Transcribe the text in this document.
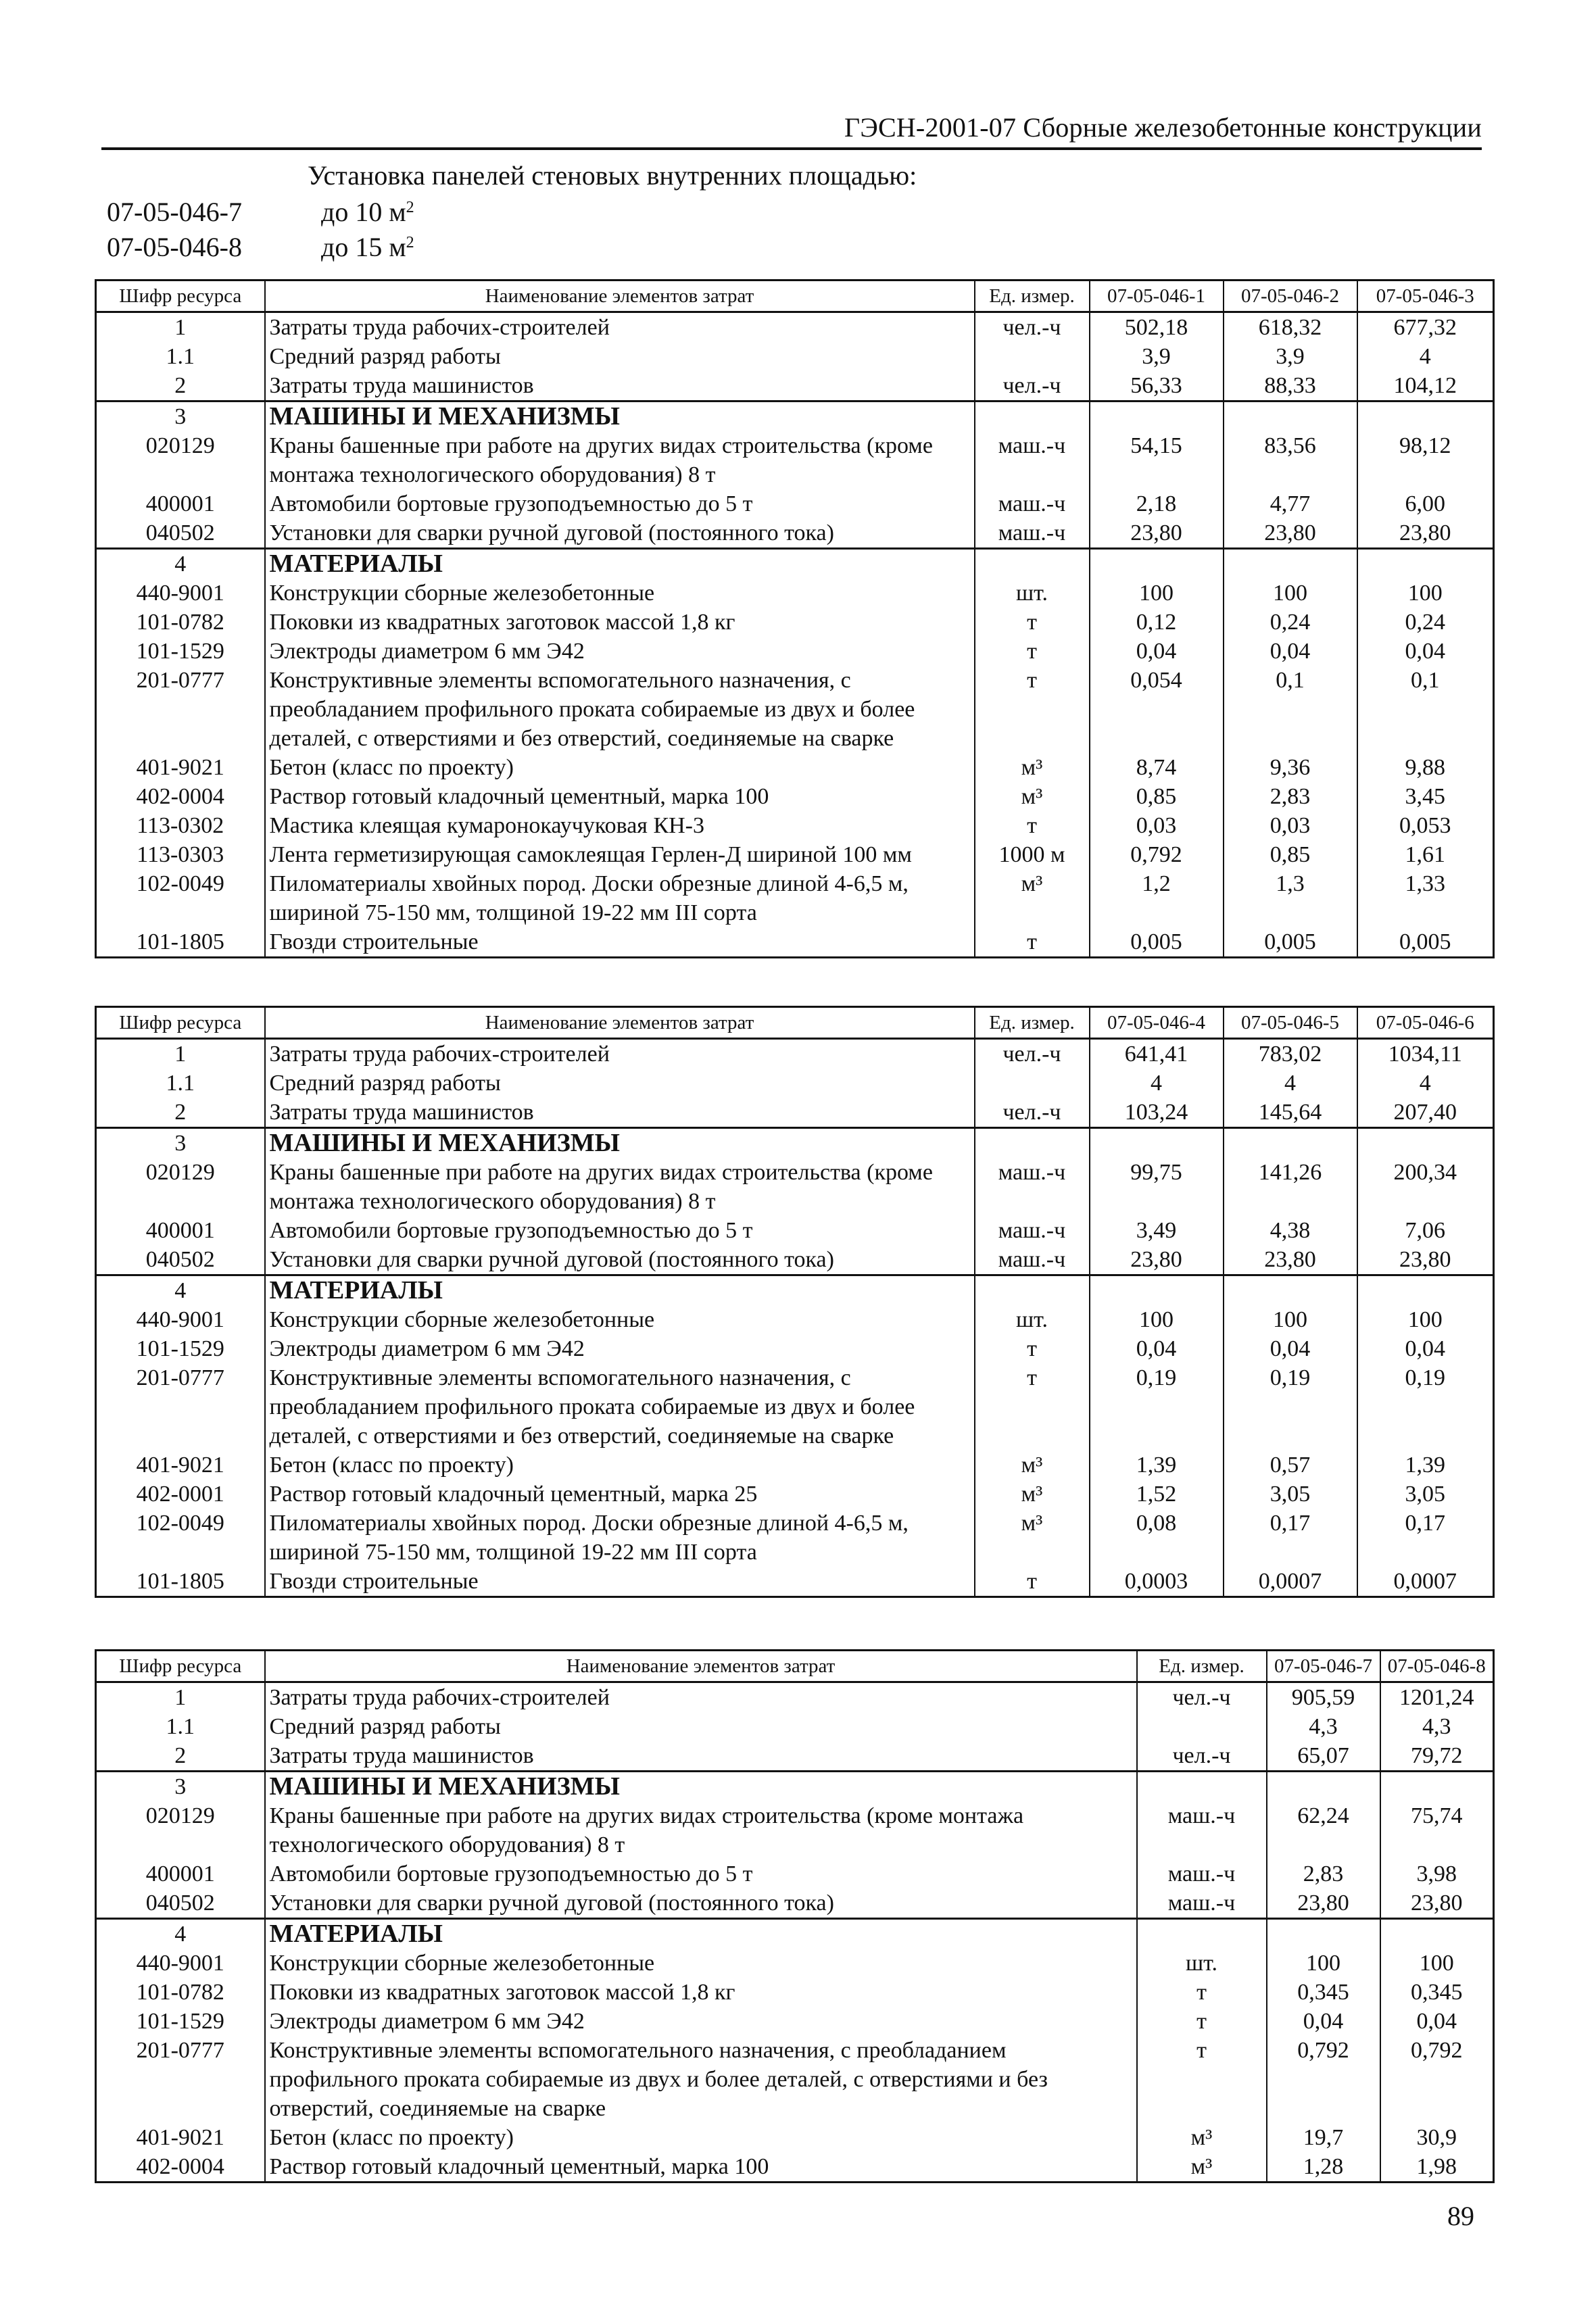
ГЭСН-2001-07 Сборные железобетонные конструкции
Установка панелей стеновых внутренних площадью:
07-05-046-7	до 10 $м^2$
07-05-046-8	до 15 $м^2$
Шифр ресурса	Наименование элементов затрат	Ед. измер.	07-05-046-1	07-05-046-2	07-05-046-3
1	Затраты труда рабочих-строителей	чел.-ч	502,18	618,32	677,32
1.1	Средний разряд работы		3,9	3,9	4
2	Затраты труда машинистов	чел.-ч	56,33	88,33	104,12
3	МАШИНЫ И МЕХАНИЗМЫ				
020129	Краны башенные при работе на других видах строительства (кроме монтажа технологического оборудования) 8 т	маш.-ч	54,15	83,56	98,12
400001	Автомобили бортовые грузоподъемностью до 5 т	маш.-ч	2,18	4,77	6,00
040502	Установки для сварки ручной дуговой (постоянного тока)	маш.-ч	23,80	23,80	23,80
4	МАТЕРИАЛЫ				
440-9001	Конструкции сборные железобетонные	шт.	100	100	100
101-0782	Поковки из квадратных заготовок массой 1,8 кг	т	0,12	0,24	0,24
101-1529	Электроды диаметром 6 мм Э42	т	0,04	0,04	0,04
201-0777	Конструктивные элементы вспомогательного назначения, с преобладанием профильного проката собираемые из двух и более деталей, с отверстиями и без отверстий, соединяемые на сварке	т	0,054	0,1	0,1
401-9021	Бетон (класс по проекту)	м³	8,74	9,36	9,88
402-0004	Раствор готовый кладочный цементный, марка 100	м³	0,85	2,83	3,45
113-0302	Мастика клеящая кумаронокаучуковая КН-3	т	0,03	0,03	0,053
113-0303	Лента герметизирующая самоклеящая Герлен-Д шириной 100 мм	1000 м	0,792	0,85	1,61
102-0049	Пиломатериалы хвойных пород. Доски обрезные длиной 4-6,5 м, шириной 75-150 мм, толщиной 19-22 мм III сорта	м³	1,2	1,3	1,33
101-1805	Гвозди строительные	т	0,005	0,005	0,005
Шифр ресурса	Наименование элементов затрат	Ед. измер.	07-05-046-4	07-05-046-5	07-05-046-6
1	Затраты труда рабочих-строителей	чел.-ч	641,41	783,02	1034,11
1.1	Средний разряд работы		4	4	4
2	Затраты труда машинистов	чел.-ч	103,24	145,64	207,40
3	МАШИНЫ И МЕХАНИЗМЫ				
020129	Краны башенные при работе на других видах строительства (кроме монтажа технологического оборудования) 8 т	маш.-ч	99,75	141,26	200,34
400001	Автомобили бортовые грузоподъемностью до 5 т	маш.-ч	3,49	4,38	7,06
040502	Установки для сварки ручной дуговой (постоянного тока)	маш.-ч	23,80	23,80	23,80
4	МАТЕРИАЛЫ				
440-9001	Конструкции сборные железобетонные	шт.	100	100	100
101-1529	Электроды диаметром 6 мм Э42	т	0,04	0,04	0,04
201-0777	Конструктивные элементы вспомогательного назначения, с преобладанием профильного проката собираемые из двух и более деталей, с отверстиями и без отверстий, соединяемые на сварке	т	0,19	0,19	0,19
401-9021	Бетон (класс по проекту)	м³	1,39	0,57	1,39
402-0001	Раствор готовый кладочный цементный, марка 25	м³	1,52	3,05	3,05
102-0049	Пиломатериалы хвойных пород. Доски обрезные длиной 4-6,5 м, шириной 75-150 мм, толщиной 19-22 мм III сорта	м³	0,08	0,17	0,17
101-1805	Гвозди строительные	т	0,0003	0,0007	0,0007
Шифр ресурса	Наименование элементов затрат	Ед. измер.	07-05-046-7	07-05-046-8
1	Затраты труда рабочих-строителей	чел.-ч	905,59	1201,24
1.1	Средний разряд работы		4,3	4,3
2	Затраты труда машинистов	чел.-ч	65,07	79,72
3	МАШИНЫ И МЕХАНИЗМЫ			
020129	Краны башенные при работе на других видах строительства (кроме монтажа технологического оборудования) 8 т	маш.-ч	62,24	75,74
400001	Автомобили бортовые грузоподъемностью до 5 т	маш.-ч	2,83	3,98
040502	Установки для сварки ручной дуговой (постоянного тока)	маш.-ч	23,80	23,80
4	МАТЕРИАЛЫ			
440-9001	Конструкции сборные железобетонные	шт.	100	100
101-0782	Поковки из квадратных заготовок массой 1,8 кг	т	0,345	0,345
101-1529	Электроды диаметром 6 мм Э42	т	0,04	0,04
201-0777	Конструктивные элементы вспомогательного назначения, с преобладанием профильного проката собираемые из двух и более деталей, с отверстиями и без отверстий, соединяемые на сварке	т	0,792	0,792
401-9021	Бетон (класс по проекту)	м³	19,7	30,9
402-0004	Раствор готовый кладочный цементный, марка 100	м³	1,28	1,98
89
